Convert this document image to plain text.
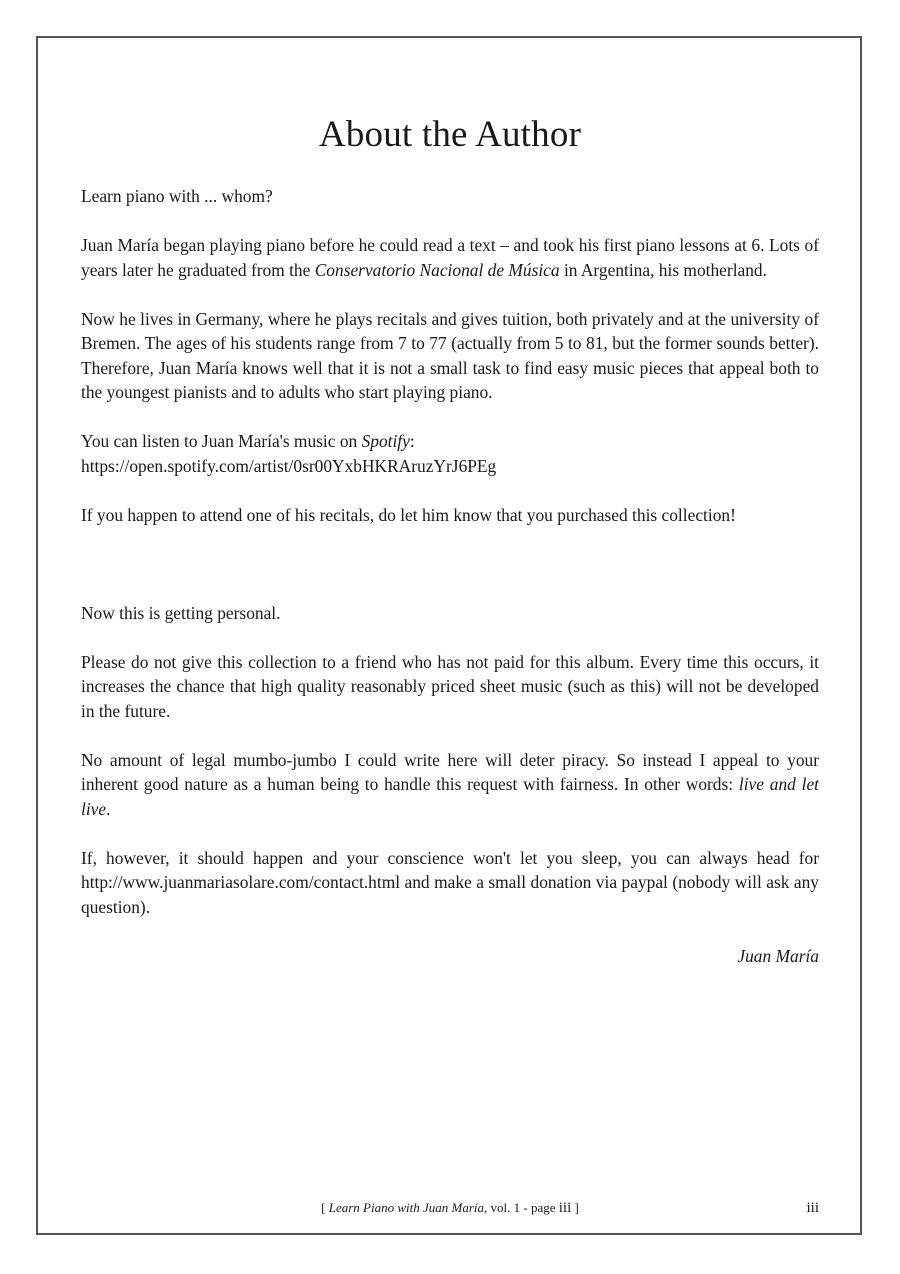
About the Author

Learn piano with ... whom?

Juan María began playing piano before he could read a text – and took his first piano lessons at 6. Lots of years later he graduated from the Conservatorio Nacional de Música in Argentina, his motherland.

Now he lives in Germany, where he plays recitals and gives tuition, both privately and at the university of Bremen. The ages of his students range from 7 to 77 (actually from 5 to 81, but the former sounds better). Therefore, Juan María knows well that it is not a small task to find easy music pieces that appeal both to the youngest pianists and to adults who start playing piano.

You can listen to Juan María's music on Spotify:
https://open.spotify.com/artist/0sr00YxbHKRAruzYrJ6PEg

If you happen to attend one of his recitals, do let him know that you purchased this collection!

Now this is getting personal.

Please do not give this collection to a friend who has not paid for this album. Every time this occurs, it increases the chance that high quality reasonably priced sheet music (such as this) will not be developed in the future.

No amount of legal mumbo-jumbo I could write here will deter piracy. So instead I appeal to your inherent good nature as a human being to handle this request with fairness. In other words: live and let live.

If, however, it should happen and your conscience won't let you sleep, you can always head for http://www.juanmariasolare.com/contact.html and make a small donation via paypal (nobody will ask any question).

Juan María

[ Learn Piano with Juan María, vol. 1 - page iii ]	iii
